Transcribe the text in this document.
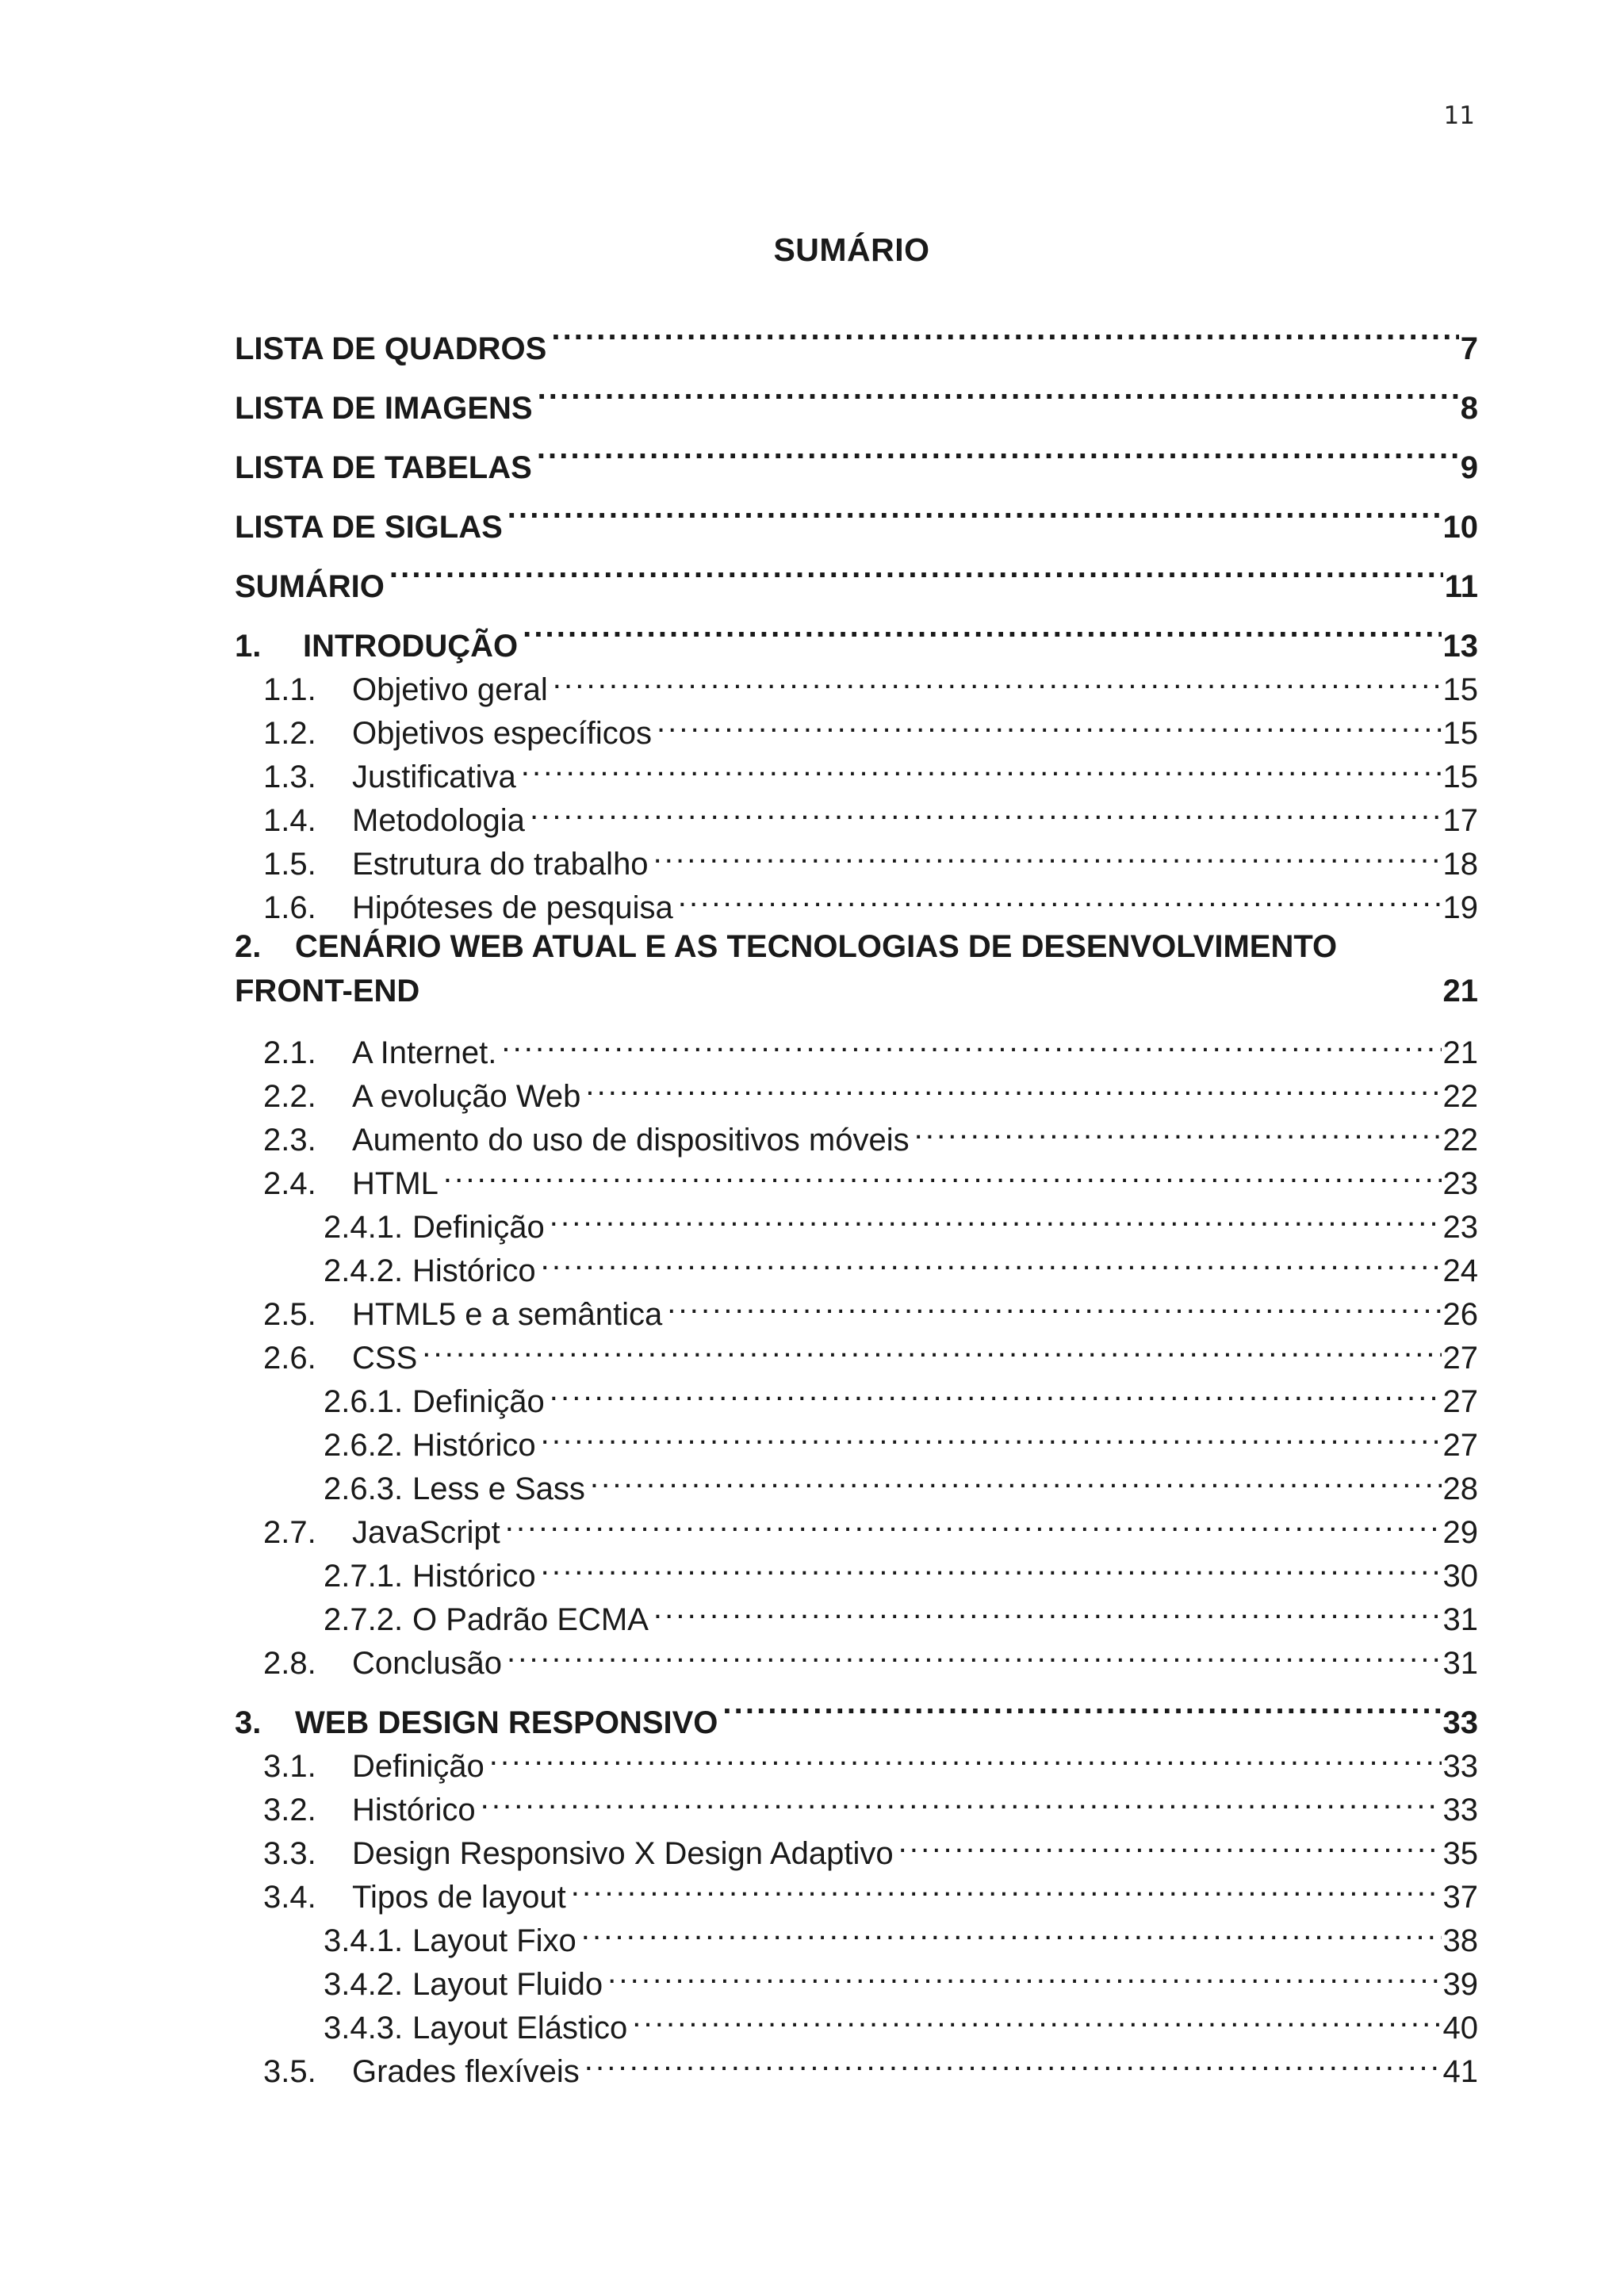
11
SUMÁRIO
LISTA DE QUADROS . . .	7
LISTA DE IMAGENS . . .	8
LISTA DE TABELAS . . .	9
LISTA DE SIGLAS . . .	10
SUMÁRIO . . .	11
1.	INTRODUÇÃO . . .	13
1.1.	Objetivo geral . . .	15
1.2.	Objetivos específicos . . .	15
1.3.	Justificativa . . .	15
1.4.	Metodologia . . .	17
1.5.	Estrutura do trabalho . . .	18
1.6.	Hipóteses de pesquisa . . .	19
2. CENÁRIO WEB ATUAL E AS TECNOLOGIAS DE DESENVOLVIMENTO
FRONT-END	21
2.1.	A Internet. . . .	21
2.2.	A evolução Web . . .	22
2.3.	Aumento do uso de dispositivos móveis . . .	22
2.4.	HTML . . .	23
2.4.1. Definição . . .	23
2.4.2. Histórico . . .	24
2.5.	HTML5 e a semântica . . .	26
2.6.	CSS . . .	27
2.6.1. Definição . . .	27
2.6.2. Histórico . . .	27
2.6.3. Less e Sass . . .	28
2.7.	JavaScript . . .	29
2.7.1. Histórico . . .	30
2.7.2. O Padrão ECMA . . .	31
2.8.	Conclusão . . .	31
3.	WEB DESIGN RESPONSIVO . . .	33
3.1.	Definição . . .	33
3.2.	Histórico . . .	33
3.3.	Design Responsivo X Design Adaptivo . . .	35
3.4.	Tipos de layout . . .	37
3.4.1. Layout Fixo . . .	38
3.4.2. Layout Fluido . . .	39
3.4.3. Layout Elástico . . .	40
3.5.	Grades flexíveis . . .	41
